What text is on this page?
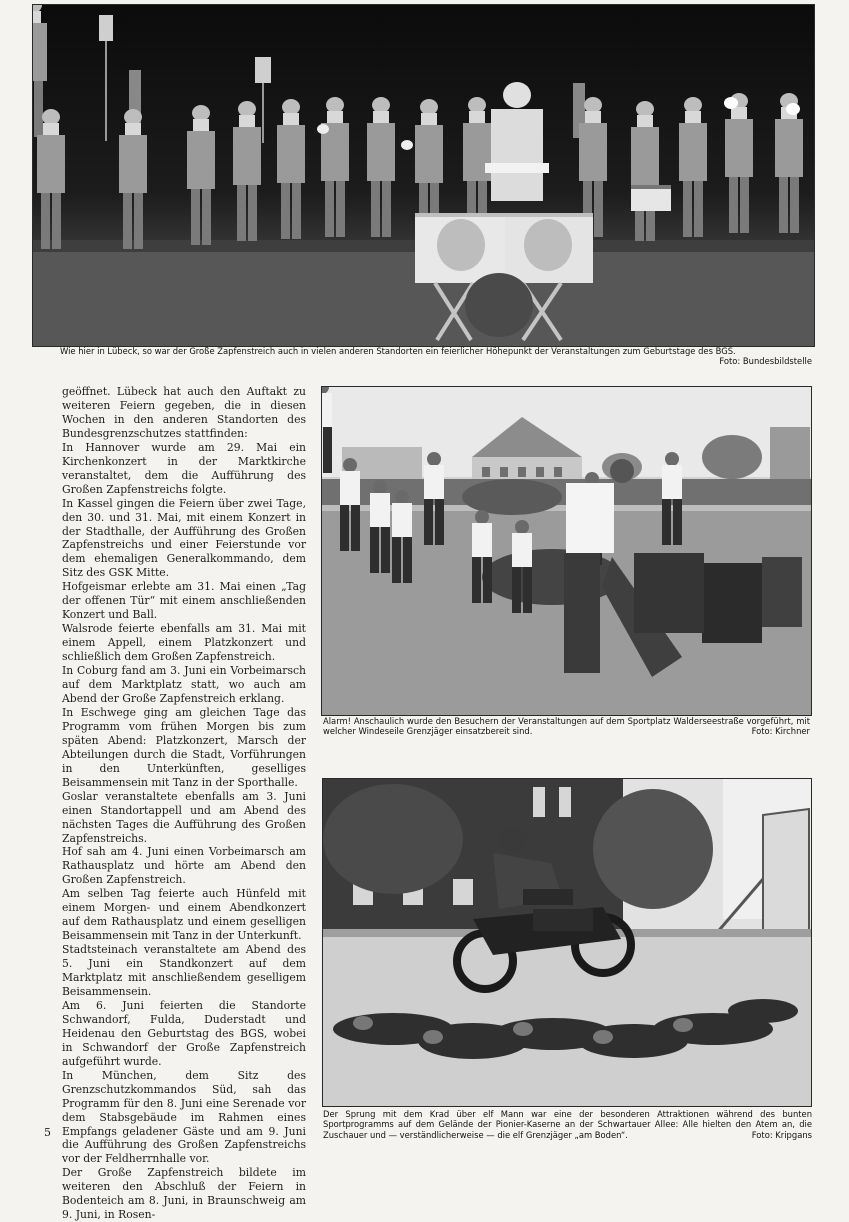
Wie hier in Lübeck, so war der Große Zapfenstreich auch in vielen anderen Standorten ein feierlicher Höhepunkt der Veranstaltungen zum Geburtstage des BGS.
Foto: Bundesbildstelle

geöffnet. Lübeck hat auch den Auftakt zu weiteren Feiern gegeben, die in diesen Wochen in den anderen Standorten des Bundesgrenzschutzes stattfinden:

In Hannover wurde am 29. Mai ein Kirchenkonzert in der Marktkirche veranstaltet, dem die Aufführung des Großen Zapfenstreichs folgte.

In Kassel gingen die Feiern über zwei Tage, den 30. und 31. Mai, mit einem Konzert in der Stadthalle, der Aufführung des Großen Zapfenstreichs und einer Feierstunde vor dem ehemaligen Generalkommando, dem Sitz des GSK Mitte.

Hofgeismar erlebte am 31. Mai einen „Tag der offenen Tür“ mit einem anschließenden Konzert und Ball.

Walsrode feierte ebenfalls am 31. Mai mit einem Appell, einem Platzkonzert und schließlich dem Großen Zapfenstreich.

In Coburg fand am 3. Juni ein Vorbeimarsch auf dem Marktplatz statt, wo auch am Abend der Große Zapfenstreich erklang.

In Eschwege ging am gleichen Tage das Programm vom frühen Morgen bis zum späten Abend: Platzkonzert, Marsch der Abteilungen durch die Stadt, Vorführungen in den Unterkünften, geselliges Beisammensein mit Tanz in der Sporthalle.

Goslar veranstaltete ebenfalls am 3. Juni einen Standortappell und am Abend des nächsten Tages die Aufführung des Großen Zapfenstreichs.

Hof sah am 4. Juni einen Vorbeimarsch am Rathausplatz und hörte am Abend den Großen Zapfenstreich.

Am selben Tag feierte auch Hünfeld mit einem Morgen- und einem Abendkonzert auf dem Rathausplatz und einem geselligen Beisammensein mit Tanz in der Unterkunft.

Stadtsteinach veranstaltete am Abend des 5. Juni ein Standkonzert auf dem Marktplatz mit anschließendem geselligem Beisammensein.

Am 6. Juni feierten die Standorte Schwandorf, Fulda, Duderstadt und Heidenau den Geburtstag des BGS, wobei in Schwandorf der Große Zapfenstreich aufgeführt wurde.

In München, dem Sitz des Grenzschutzkommandos Süd, sah das Programm für den 8. Juni eine Serenade vor dem Stabsgebäude im Rahmen eines Empfangs geladener Gäste und am 9. Juni die Aufführung des Großen Zapfenstreichs vor der Feldherrnhalle vor.

Der Große Zapfenstreich bildete im weiteren den Abschluß der Feiern in Bodenteich am 8. Juni, in Braunschweig am 9. Juni, in Rosen-

Alarm! Anschaulich wurde den Besuchern der Veranstaltungen auf dem Sportplatz Walderseestraße vorgeführt, mit welcher Windeseile Grenzjäger einsatzbereit sind.	Foto: Kirchner

Der Sprung mit dem Krad über elf Mann war eine der besonderen Attraktionen während des bunten Sportprogramms auf dem Gelände der Pionier-Kaserne an der Schwartauer Allee: Alle hielten den Atem an, die Zuschauer und — verständlicherweise — die elf Grenzjäger „am Boden“.	Foto: Kripgans

5
